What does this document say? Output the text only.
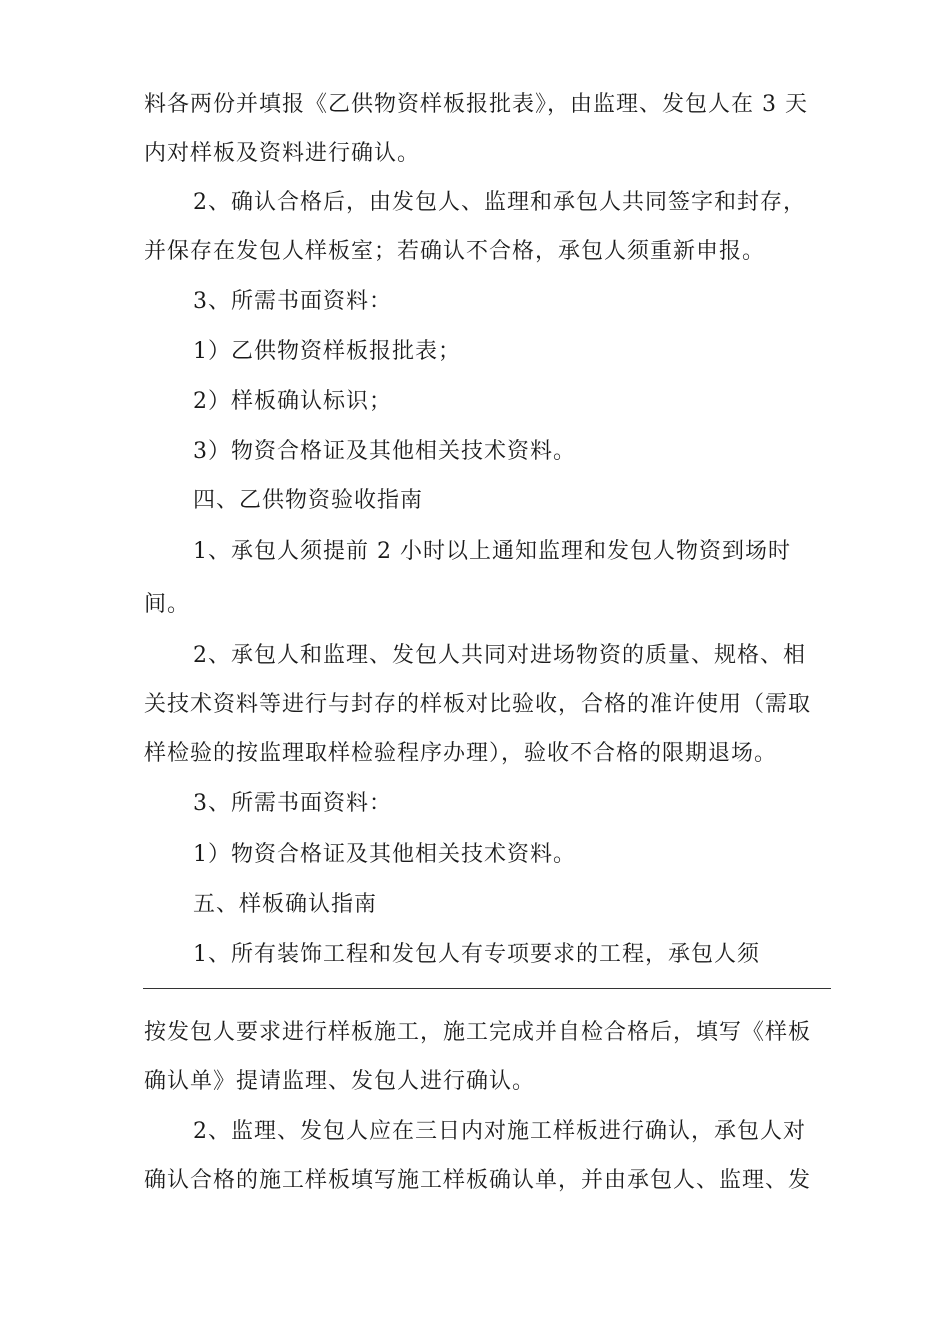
料各两份并填报《乙供物资样板报批表》，由监理、发包人在 3 天
内对样板及资料进行确认。
2、确认合格后，由发包人、监理和承包人共同签字和封存，
并保存在发包人样板室；若确认不合格，承包人须重新申报。
3、所需书面资料：
1）乙供物资样板报批表；
2）样板确认标识；
3）物资合格证及其他相关技术资料。
四、乙供物资验收指南
1、承包人须提前 2 小时以上通知监理和发包人物资到场时
间。
2、承包人和监理、发包人共同对进场物资的质量、规格、相
关技术资料等进行与封存的样板对比验收，合格的准许使用（需取
样检验的按监理取样检验程序办理），验收不合格的限期退场。
3、所需书面资料：
1）物资合格证及其他相关技术资料。
五、样板确认指南
1、所有装饰工程和发包人有专项要求的工程，承包人须
按发包人要求进行样板施工，施工完成并自检合格后，填写《样板
确认单》提请监理、发包人进行确认。
2、监理、发包人应在三日内对施工样板进行确认，承包人对
确认合格的施工样板填写施工样板确认单，并由承包人、监理、发
